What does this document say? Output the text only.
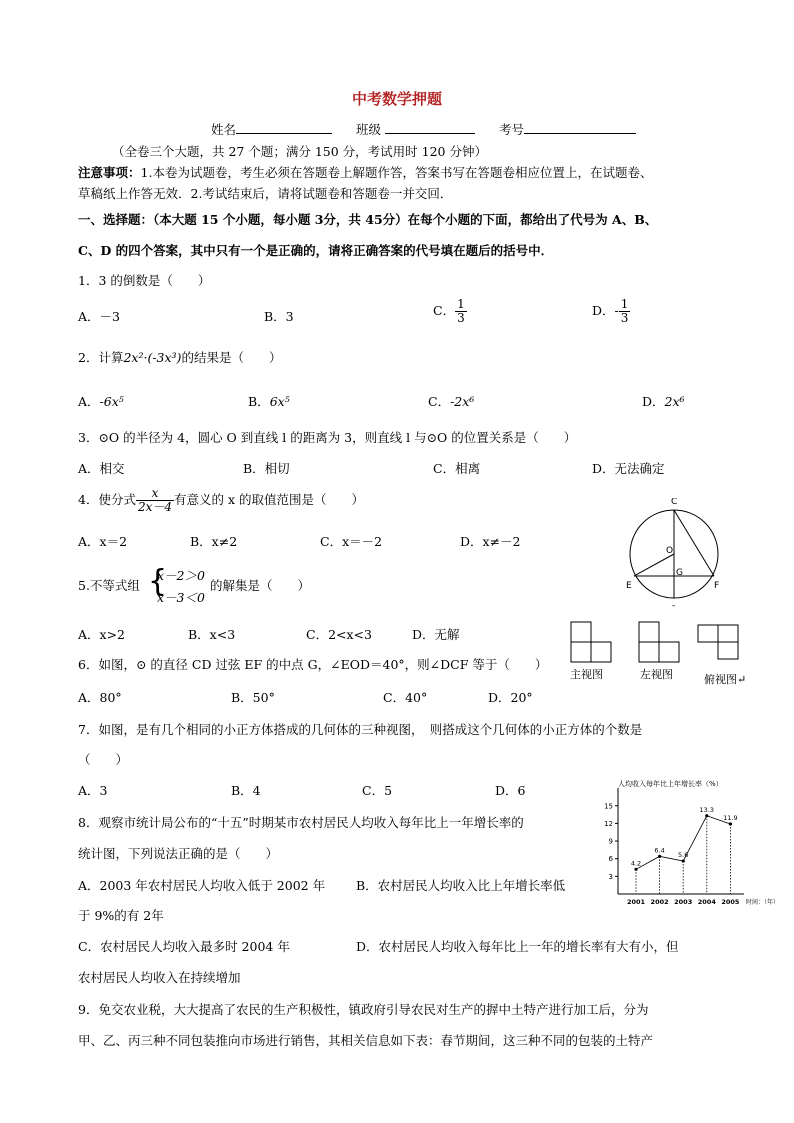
中考数学押题
姓名	班级	考号
（全卷三个大题，共 27 个题；满分 150 分，考试用时 120 分钟）
注意事项：1.本卷为试题卷，考生必须在答题卷上解题作答，答案书写在答题卷相应位置上，在试题卷、
草稿纸上作答无效．2.考试结束后，请将试题卷和答题卷一并交回．
一、选择题：（本大题 15 个小题，每小题 3分，共 45分）在每个小题的下面，都给出了代号为 A、B、
C、D 的四个答案，其中只有一个是正确的，请将正确答案的代号填在题后的括号中．
1．3 的倒数是（　　）
A．－3	B．3	C． $\frac{1}{3}$	D．- $\frac{1}{3}$
2．计算2x²·(-3x³)的结果是（　　）
A．-6x⁵	B．6x⁵	C．-2x⁶	D．2x⁶
3．⊙O 的半径为 4，圆心 O 到直线 l 的距离为 3，则直线 l 与⊙O 的位置关系是（　　）
A．相交	B．相切	C．相离	D．无法确定
4．使分式 $\frac{x}{2x-4}$ 有意义的 x 的取值范围是（　　）
A．x＝2	B．x≠2	C．x＝－2	D．x≠－2
5.不等式组 {
x－2＞0
x－3＜0
的解集是（　　）
A．x>2	B．x<3	C．2<x<3	D．无解
6．如图，⊙ 的直径 CD 过弦 EF 的中点 G，∠EOD＝40°，则∠DCF 等于（　　）
A．80°	B．50°	C．40°	D．20°
7．如图，是有几个相同的小正方体搭成的几何体的三种视图，　则搭成这个几何体的小正方体的个数是
（　　）
A．3	B．4	C．5	D．6
8．观察市统计局公布的“十五”时期某市农村居民人均收入每年比上一年增长率的
统计图，下列说法正确的是（　　）
A．2003 年农村居民人均收入低于 2002 年 B．农村居民人均收入比上年增长率低
于 9%的有 2年
C．农村居民人均收入最多时 2004 年	D．农村居民人均收入每年比上一年的增长率有大有小，但
农村居民人均收入在持续增加
9．免交农业税，大大提高了农民的生产积极性，镇政府引导农民对生产的搱中土特产进行加工后，分为
甲、乙、丙三种不同包装推向市场进行销售，其相关信息如下表：春节期间，这三种不同的包装的土特产
C
O
G
E	F
-
主视图	左视图	俯视图↵
人均收入每年比上年增长率（%）
3
6
9
12
15
2001 2002 2003 2004 2005
4.2
6.4
5.6
13.3
11.9
时间：（年）
